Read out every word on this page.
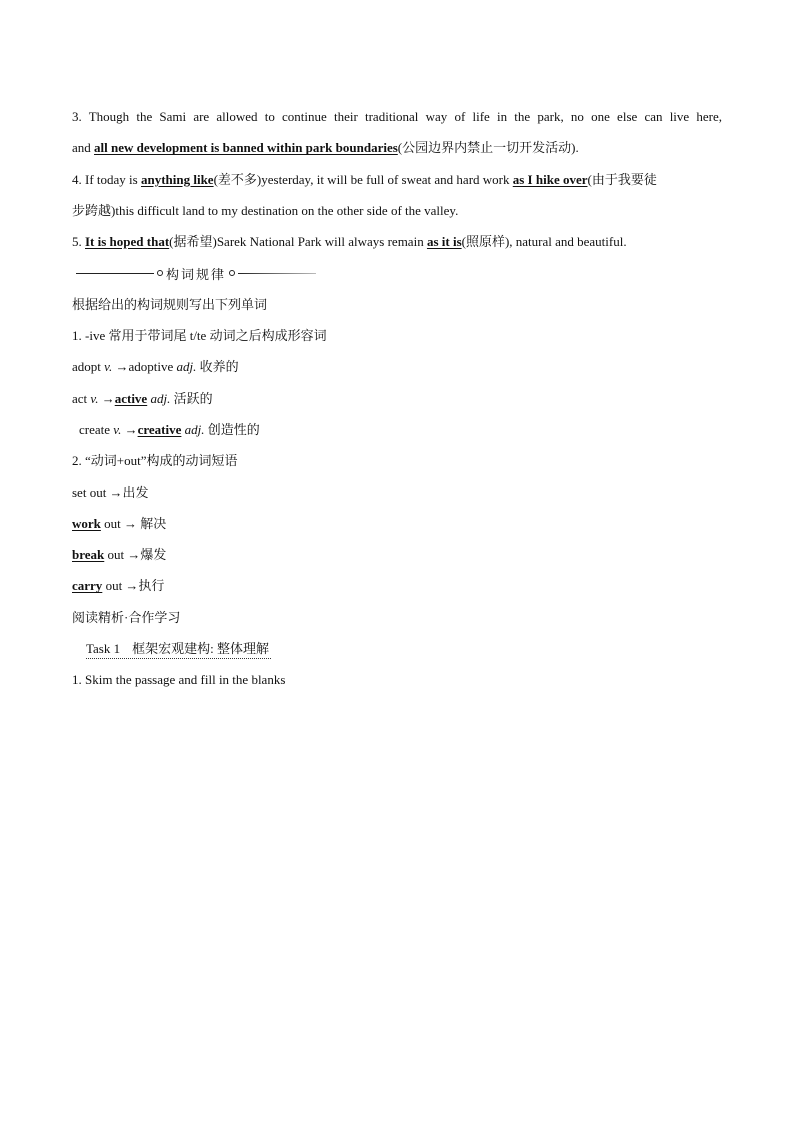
3. Though the Sami are allowed to continue their traditional way of life in the park, no one else can live here,
and all new development is banned within park boundaries(公园边界内禁止一切开发活动).
4. If today is anything like(差不多)yesterday, it will be full of sweat and hard work as I hike over(由于我要徒
步跨越)this difficult land to my destination on the other side of the valley.
5. It is hoped that(据希望)Sarek National Park will always remain as it is(照原样), natural and beautiful.
构词规律
根据给出的构词规则写出下列单词
1. -ive 常用于带词尾 t/te 动词之后构成形容词
adopt v. →adoptive adj. 收养的
act v. →active adj. 活跃的
create v. →creative adj. 创造性的
2. “动词+out”构成的动词短语
set out →出发
work out → 解决
break out →爆发
carry out →执行
阅读精析·合作学习
Task 1 框架宏观建构: 整体理解
1. Skim the passage and fill in the blanks
